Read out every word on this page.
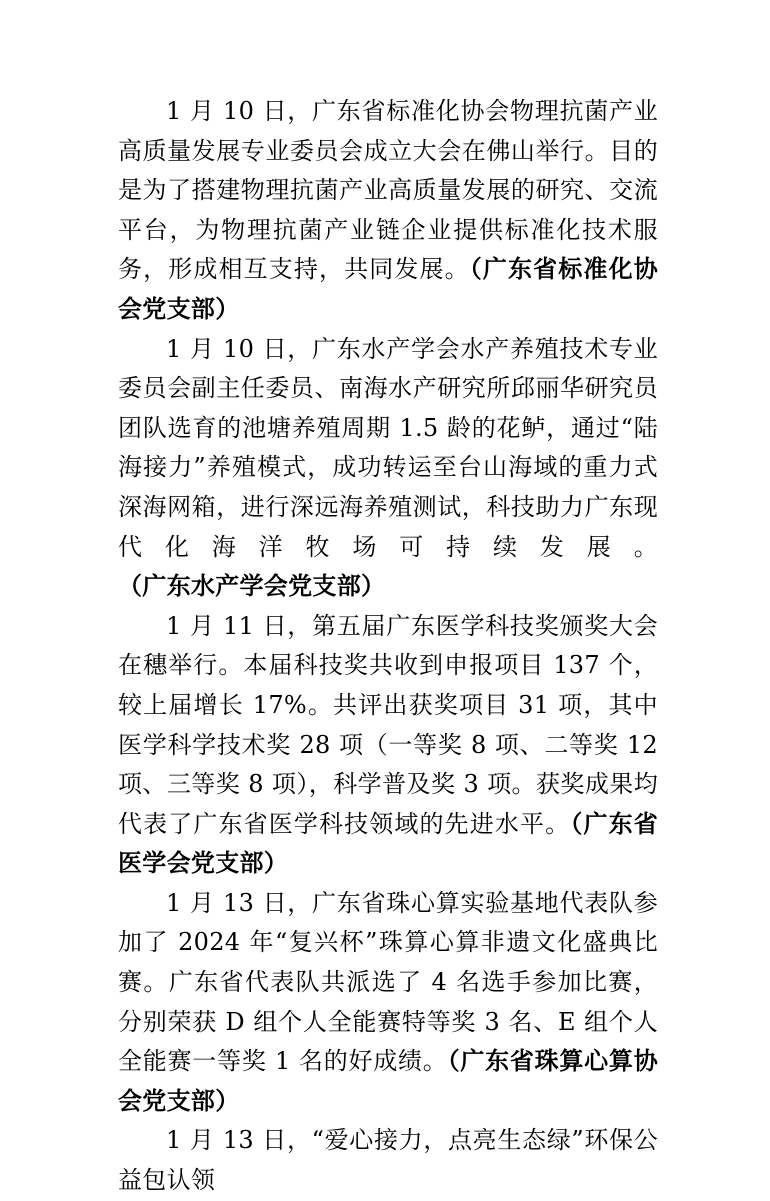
1 月 10 日，广东省标准化协会物理抗菌产业高质量发展专业委员会成立大会在佛山举行。目的是为了搭建物理抗菌产业高质量发展的研究、交流平台，为物理抗菌产业链企业提供标准化技术服务，形成相互支持，共同发展。（广东省标准化协会党支部）

1 月 10 日，广东水产学会水产养殖技术专业委员会副主任委员、南海水产研究所邱丽华研究员团队选育的池塘养殖周期 1.5 龄的花鲈，通过“陆海接力”养殖模式，成功转运至台山海域的重力式深海网箱，进行深远海养殖测试，科技助力广东现代化海洋牧场可持续发展。（广东水产学会党支部）

1 月 11 日，第五届广东医学科技奖颁奖大会在穗举行。本届科技奖共收到申报项目 137 个，较上届增长 17%。共评出获奖项目 31 项，其中医学科学技术奖 28 项（一等奖 8 项、二等奖 12 项、三等奖 8 项），科学普及奖 3 项。获奖成果均代表了广东省医学科技领域的先进水平。（广东省医学会党支部）

1 月 13 日，广东省珠心算实验基地代表队参加了 2024 年“复兴杯”珠算心算非遗文化盛典比赛。广东省代表队共派选了 4 名选手参加比赛，分别荣获 D 组个人全能赛特等奖 3 名、E 组个人全能赛一等奖 1 名的好成绩。（广东省珠算心算协会党支部）

1 月 13 日，“爱心接力，点亮生态绿”环保公益包认领
